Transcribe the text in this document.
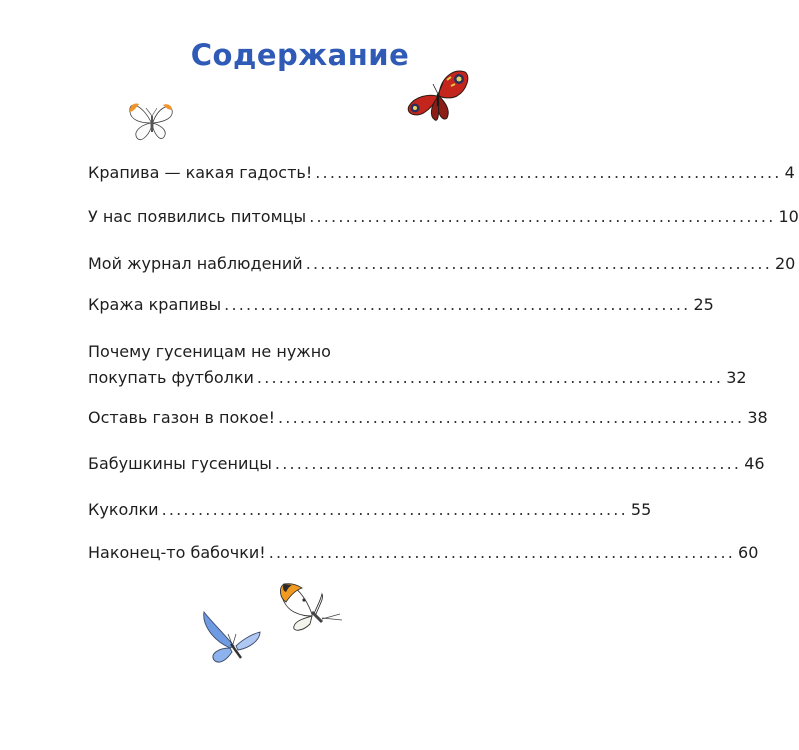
Содержание
Крапива — какая гадость! ................................................................ 4
У нас появились питомцы ................................................................ 10
Мой журнал наблюдений ................................................................ 20
Кража крапивы ................................................................ 25
Почему гусеницам не нужно
покупать футболки ................................................................ 32
Оставь газон в покое! ................................................................ 38
Бабушкины гусеницы ................................................................ 46
Куколки ................................................................ 55
Наконец-то бабочки! ................................................................ 60
